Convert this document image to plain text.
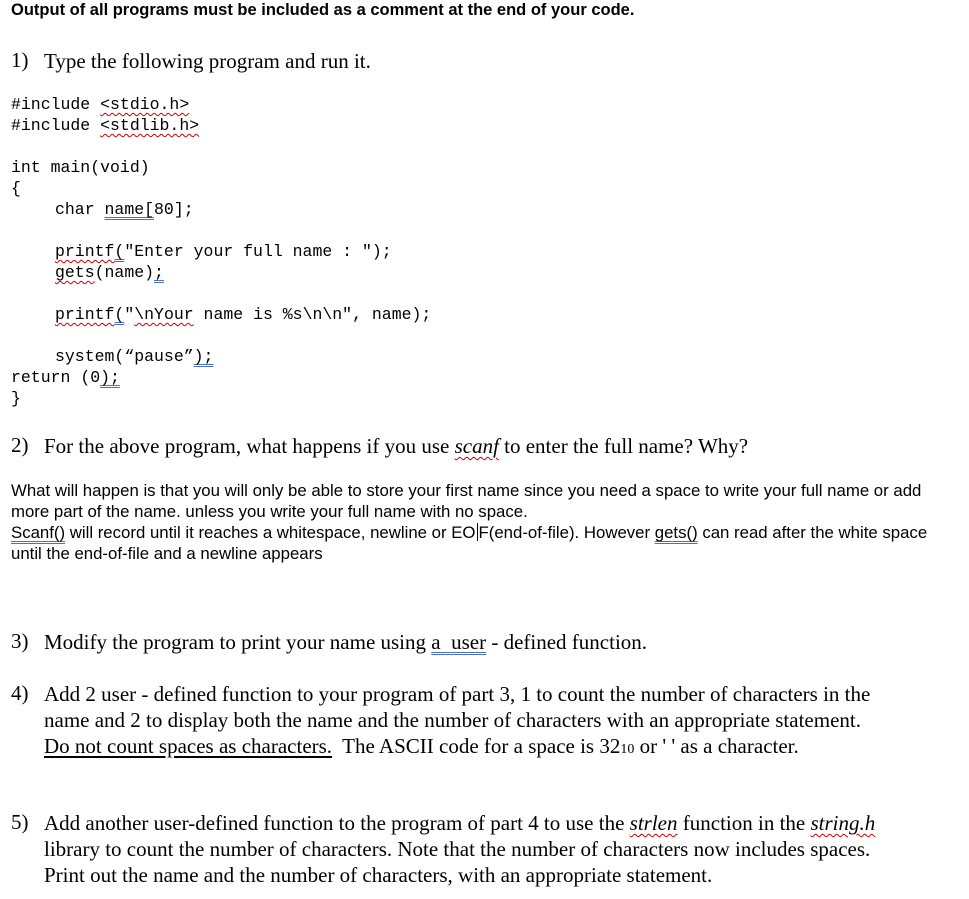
Output of all programs must be included as a comment at the end of your code.
1) Type the following program and run it.
#include <stdio.h>
#include <stdlib.h>
int main(void)
{
char name[80];
printf("Enter your full name : ");
gets(name);
printf("\nYour name is %s\n\n", name);
system(“pause”);
return (0);
}
2) For the above program, what happens if you use scanf to enter the full name? Why?

What will happen is that you will only be able to store your first name since you need a space to write your full name or add more part of the name. unless you write your full name with no space.

Scanf() will record until it reaches a whitespace, newline or EO F(end-of-file). However gets() can read after the white space until the end-of-file and a newline appears

3) Modify the program to print your name using a  user - defined function.
4) Add 2 user - defined function to your program of part 3, 1 to count the number of characters in the
name and 2 to display both the name and the number of characters with an appropriate statement.
Do not count spaces as characters.  The ASCII code for a space is 3210 or ' ' as a character.
5) Add another user-defined function to the program of part 4 to use the strlen function in the string.h
library to count the number of characters. Note that the number of characters now includes spaces.
Print out the name and the number of characters, with an appropriate statement.
